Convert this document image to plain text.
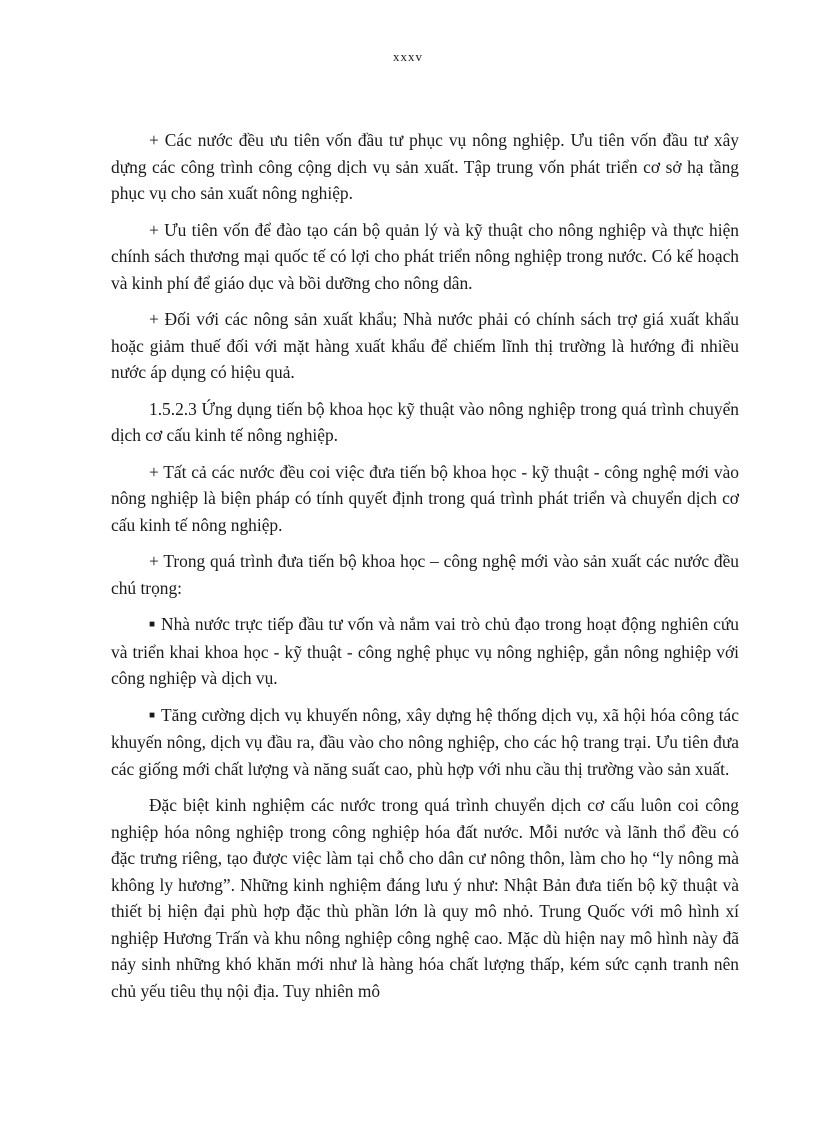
xxxv

+ Các nước đều ưu tiên vốn đầu tư phục vụ nông nghiệp. Ưu tiên vốn đầu tư xây dựng các công trình công cộng dịch vụ sản xuất. Tập trung vốn phát triển cơ sở hạ tầng phục vụ cho sản xuất nông nghiệp.

+ Ưu tiên vốn để đào tạo cán bộ quản lý và kỹ thuật cho nông nghiệp và thực hiện chính sách thương mại quốc tế có lợi cho phát triển nông nghiệp trong nước. Có kế hoạch và kinh phí để giáo dục và bồi dưỡng cho nông dân.

+ Đối với các nông sản xuất khẩu; Nhà nước phải có chính sách trợ giá xuất khẩu hoặc giảm thuế đối với mặt hàng xuất khẩu để chiếm lĩnh thị trường là hướng đi nhiều nước áp dụng có hiệu quả.

1.5.2.3 Ứng dụng tiến bộ khoa học kỹ thuật vào nông nghiệp trong quá trình chuyển dịch cơ cấu kinh tế nông nghiệp.

+ Tất cả các nước đều coi việc đưa tiến bộ khoa học - kỹ thuật - công nghệ mới vào nông nghiệp là biện pháp có tính quyết định trong quá trình phát triển và chuyển dịch cơ cấu kinh tế nông nghiệp.

+ Trong quá trình đưa tiến bộ khoa học – công nghệ mới vào sản xuất các nước đều chú trọng:

■ Nhà nước trực tiếp đầu tư vốn và nắm vai trò chủ đạo trong hoạt động nghiên cứu và triển khai khoa học - kỹ thuật - công nghệ phục vụ nông nghiệp, gắn nông nghiệp với công nghiệp và dịch vụ.

■ Tăng cường dịch vụ khuyến nông, xây dựng hệ thống dịch vụ, xã hội hóa công tác khuyến nông, dịch vụ đầu ra, đầu vào cho nông nghiệp, cho các hộ trang trại. Ưu tiên đưa các giống mới chất lượng và năng suất cao, phù hợp với nhu cầu thị trường vào sản xuất.

Đặc biệt kinh nghiệm các nước trong quá trình chuyển dịch cơ cấu luôn coi công nghiệp hóa nông nghiệp trong công nghiệp hóa đất nước. Mỗi nước và lãnh thổ đều có đặc trưng riêng, tạo được việc làm tại chỗ cho dân cư nông thôn, làm cho họ “ly nông mà không ly hương”. Những kinh nghiệm đáng lưu ý như: Nhật Bản đưa tiến bộ kỹ thuật và thiết bị hiện đại phù hợp đặc thù phần lớn là quy mô nhỏ. Trung Quốc với mô hình xí nghiệp Hương Trấn và khu nông nghiệp công nghệ cao. Mặc dù hiện nay mô hình này đã nảy sinh những khó khăn mới như là hàng hóa chất lượng thấp, kém sức cạnh tranh nên chủ yếu tiêu thụ nội địa. Tuy nhiên mô
